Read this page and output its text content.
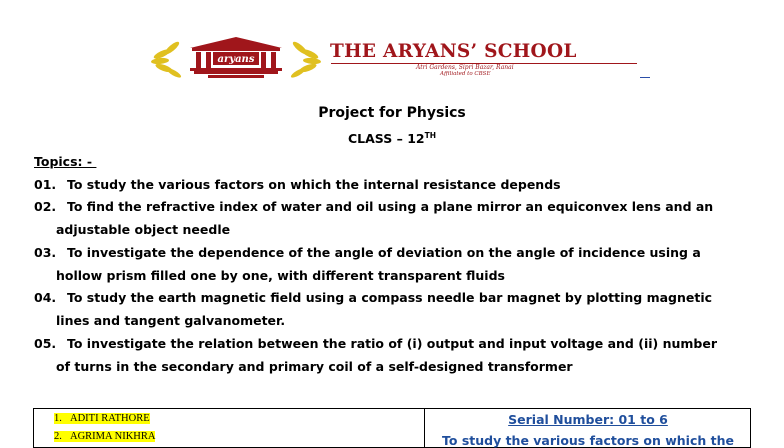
aryans	THE ARYANS’ SCHOOL
Atri Gardens, Sipri Bazar, Ranai
Affiliated to CBSE
Project for Physics
CLASS – 12TH
Topics: -
01. To study the various factors on which the internal resistance depends
02. To find the refractive index of water and oil using a plane mirror an equiconvex lens and an
adjustable object needle
03. To investigate the dependence of the angle of deviation on the angle of incidence using a
hollow prism filled one by one, with different transparent fluids
04. To study the earth magnetic field using a compass needle bar magnet by plotting magnetic
lines and tangent galvanometer.
05. To investigate the relation between the ratio of (i) output and input voltage and (ii) number
of turns in the secondary and primary coil of a self-designed transformer
1. ADITI RATHORE
2. AGRIMA NIKHRA
Serial Number: 01 to 6
To study the various factors on which the
